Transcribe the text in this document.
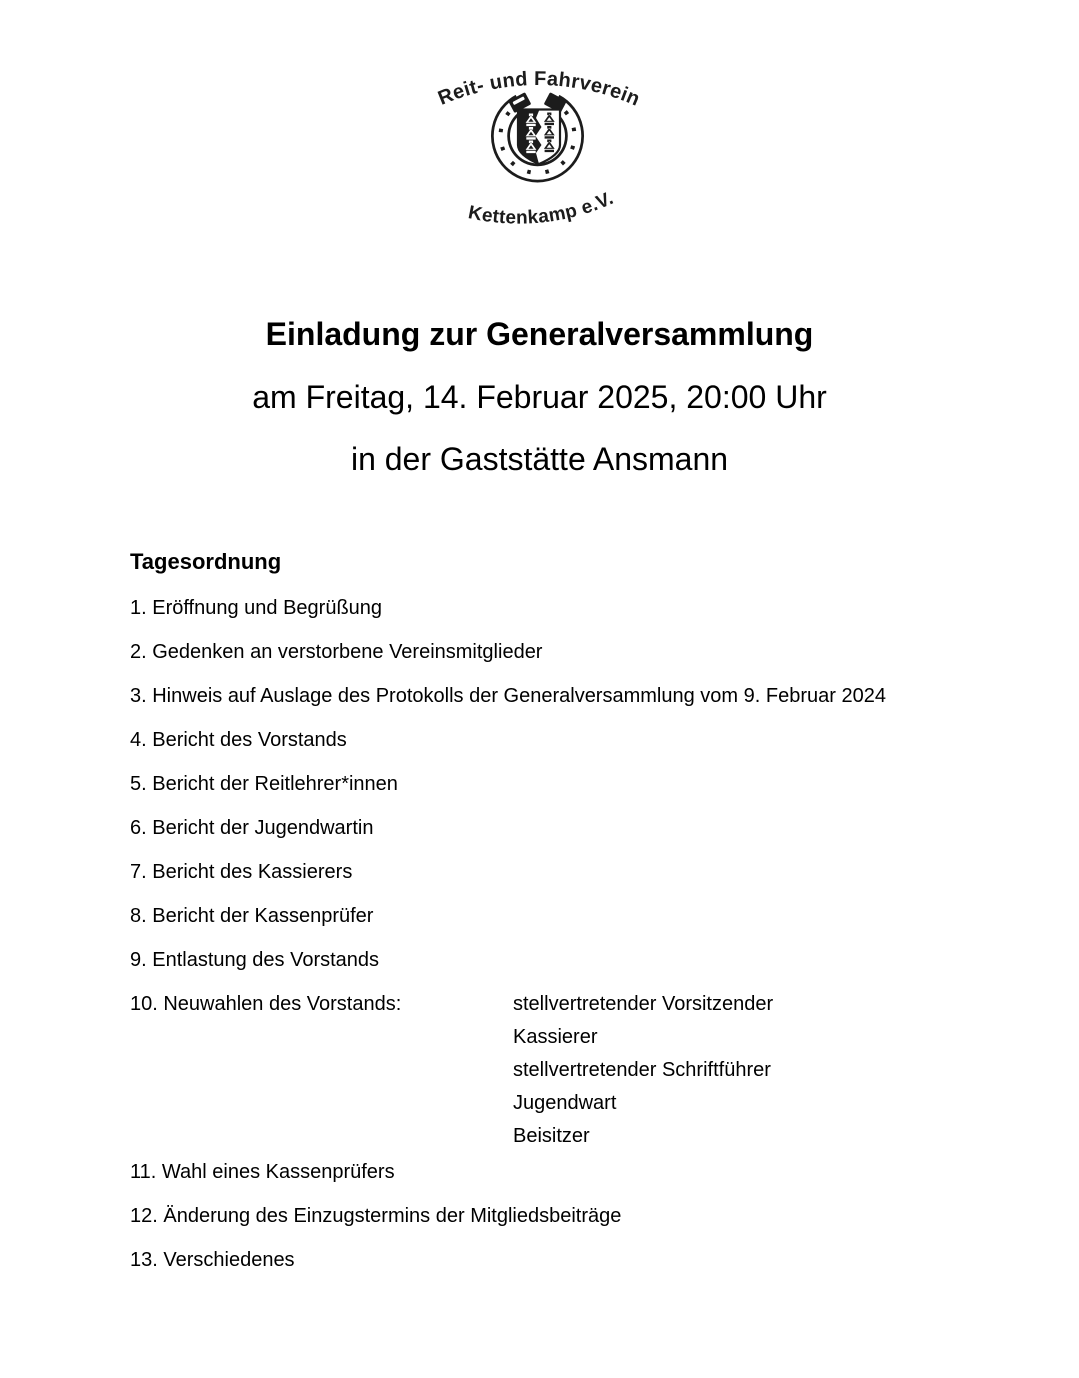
Reit- und Fahrverein
Kettenkamp e.V.
Einladung zur Generalversammlung
am Freitag, 14. Februar 2025, 20:00 Uhr
in der Gaststätte Ansmann
Tagesordnung
1. Eröffnung und Begrüßung
2. Gedenken an verstorbene Vereinsmitglieder
3. Hinweis auf Auslage des Protokolls der Generalversammlung vom 9. Februar 2024
4. Bericht des Vorstands
5. Bericht der Reitlehrer*innen
6. Bericht der Jugendwartin
7. Bericht des Kassierers
8. Bericht der Kassenprüfer
9. Entlastung des Vorstands
10. Neuwahlen des Vorstands:	stellvertretender Vorsitzender
Kassierer
stellvertretender Schriftführer
Jugendwart
Beisitzer
11. Wahl eines Kassenprüfers
12. Änderung des Einzugstermins der Mitgliedsbeiträge
13. Verschiedenes
